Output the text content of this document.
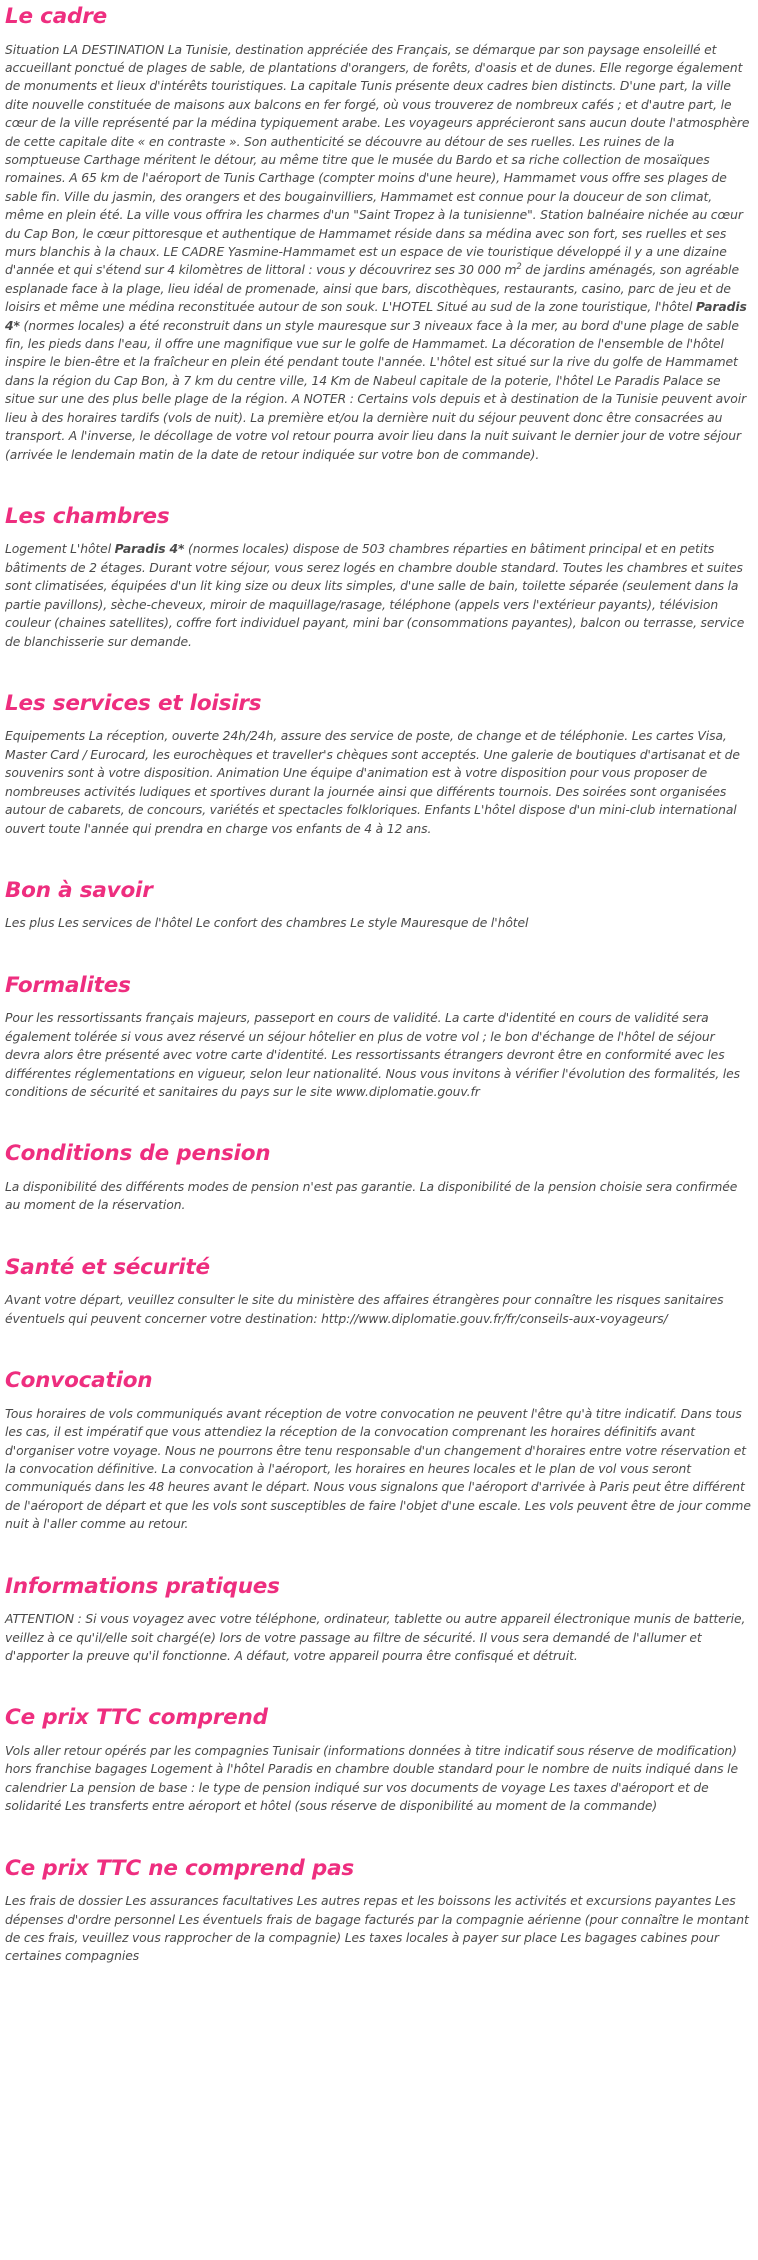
Le cadre

Situation LA DESTINATION La Tunisie, destination appréciée des Français, se démarque par son paysage ensoleillé et accueillant ponctué de plages de sable, de plantations d'orangers, de forêts, d'oasis et de dunes. Elle regorge également de monuments et lieux d'intérêts touristiques. La capitale Tunis présente deux cadres bien distincts. D'une part, la ville dite nouvelle constituée de maisons aux balcons en fer forgé, où vous trouverez de nombreux cafés ; et d'autre part, le cœur de la ville représenté par la médina typiquement arabe. Les voyageurs apprécieront sans aucun doute l'atmosphère de cette capitale dite « en contraste ». Son authenticité se découvre au détour de ses ruelles. Les ruines de la somptueuse Carthage méritent le détour, au même titre que le musée du Bardo et sa riche collection de mosaïques romaines. A 65 km de l'aéroport de Tunis Carthage (compter moins d'une heure), Hammamet vous offre ses plages de sable fin. Ville du jasmin, des orangers et des bougainvilliers, Hammamet est connue pour la douceur de son climat, même en plein été. La ville vous offrira les charmes d'un "Saint Tropez à la tunisienne". Station balnéaire nichée au cœur du Cap Bon, le cœur pittoresque et authentique de Hammamet réside dans sa médina avec son fort, ses ruelles et ses murs blanchis à la chaux. LE CADRE Yasmine-Hammamet est un espace de vie touristique développé il y a une dizaine d'année et qui s'étend sur 4 kilomètres de littoral : vous y découvrirez ses 30 000 $m^2$ de jardins aménagés, son agréable esplanade face à la plage, lieu idéal de promenade, ainsi que bars, discothèques, restaurants, casino, parc de jeu et de loisirs et même une médina reconstituée autour de son souk. L'HOTEL Situé au sud de la zone touristique, l'hôtel Paradis 4* (normes locales) a été reconstruit dans un style mauresque sur 3 niveaux face à la mer, au bord d'une plage de sable fin, les pieds dans l'eau, il offre une magnifique vue sur le golfe de Hammamet. La décoration de l'ensemble de l'hôtel inspire le bien-être et la fraîcheur en plein été pendant toute l'année. L'hôtel est situé sur la rive du golfe de Hammamet dans la région du Cap Bon, à 7 km du centre ville, 14 Km de Nabeul capitale de la poterie, l'hôtel Le Paradis Palace se situe sur une des plus belle plage de la région. A NOTER : Certains vols depuis et à destination de la Tunisie peuvent avoir lieu à des horaires tardifs (vols de nuit). La première et/ou la dernière nuit du séjour peuvent donc être consacrées au transport. A l'inverse, le décollage de votre vol retour pourra avoir lieu dans la nuit suivant le dernier jour de votre séjour (arrivée le lendemain matin de la date de retour indiquée sur votre bon de commande).

Les chambres

Logement L'hôtel Paradis 4* (normes locales) dispose de 503 chambres réparties en bâtiment principal et en petits bâtiments de 2 étages. Durant votre séjour, vous serez logés en chambre double standard. Toutes les chambres et suites sont climatisées, équipées d'un lit king size ou deux lits simples, d'une salle de bain, toilette séparée (seulement dans la partie pavillons), sèche-cheveux, miroir de maquillage/rasage, téléphone (appels vers l'extérieur payants), télévision couleur (chaines satellites), coffre fort individuel payant, mini bar (consommations payantes), balcon ou terrasse, service de blanchisserie sur demande.

Les services et loisirs

Equipements La réception, ouverte 24h/24h, assure des service de poste, de change et de téléphonie. Les cartes Visa, Master Card / Eurocard, les eurochèques et traveller's chèques sont acceptés. Une galerie de boutiques d'artisanat et de souvenirs sont à votre disposition. Animation Une équipe d'animation est à votre disposition pour vous proposer de nombreuses activités ludiques et sportives durant la journée ainsi que différents tournois. Des soirées sont organisées autour de cabarets, de concours, variétés et spectacles folkloriques. Enfants L'hôtel dispose d'un mini-club international ouvert toute l'année qui prendra en charge vos enfants de 4 à 12 ans.

Bon à savoir

Les plus Les services de l'hôtel Le confort des chambres Le style Mauresque de l'hôtel

Formalites

Pour les ressortissants français majeurs, passeport en cours de validité. La carte d'identité en cours de validité sera également tolérée si vous avez réservé un séjour hôtelier en plus de votre vol ; le bon d'échange de l'hôtel de séjour devra alors être présenté avec votre carte d'identité. Les ressortissants étrangers devront être en conformité avec les différentes réglementations en vigueur, selon leur nationalité. Nous vous invitons à vérifier l'évolution des formalités, les conditions de sécurité et sanitaires du pays sur le site www.diplomatie.gouv.fr

Conditions de pension

La disponibilité des différents modes de pension n'est pas garantie. La disponibilité de la pension choisie sera confirmée au moment de la réservation.

Santé et sécurité

Avant votre départ, veuillez consulter le site du ministère des affaires étrangères pour connaître les risques sanitaires éventuels qui peuvent concerner votre destination: http://www.diplomatie.gouv.fr/fr/conseils-aux-voyageurs/

Convocation

Tous horaires de vols communiqués avant réception de votre convocation ne peuvent l'être qu'à titre indicatif. Dans tous les cas, il est impératif que vous attendiez la réception de la convocation comprenant les horaires définitifs avant d'organiser votre voyage. Nous ne pourrons être tenu responsable d'un changement d'horaires entre votre réservation et la convocation définitive. La convocation à l'aéroport, les horaires en heures locales et le plan de vol vous seront communiqués dans les 48 heures avant le départ. Nous vous signalons que l'aéroport d'arrivée à Paris peut être différent de l'aéroport de départ et que les vols sont susceptibles de faire l'objet d'une escale. Les vols peuvent être de jour comme nuit à l'aller comme au retour.

Informations pratiques

ATTENTION : Si vous voyagez avec votre téléphone, ordinateur, tablette ou autre appareil électronique munis de batterie, veillez à ce qu'il/elle soit chargé(e) lors de votre passage au filtre de sécurité. Il vous sera demandé de l'allumer et d'apporter la preuve qu'il fonctionne. A défaut, votre appareil pourra être confisqué et détruit.

Ce prix TTC comprend

Vols aller retour opérés par les compagnies Tunisair (informations données à titre indicatif sous réserve de modification) hors franchise bagages Logement à l'hôtel Paradis en chambre double standard pour le nombre de nuits indiqué dans le calendrier La pension de base : le type de pension indiqué sur vos documents de voyage Les taxes d'aéroport et de solidarité Les transferts entre aéroport et hôtel (sous réserve de disponibilité au moment de la commande)

Ce prix TTC ne comprend pas

Les frais de dossier Les assurances facultatives Les autres repas et les boissons les activités et excursions payantes Les dépenses d'ordre personnel Les éventuels frais de bagage facturés par la compagnie aérienne (pour connaître le montant de ces frais, veuillez vous rapprocher de la compagnie) Les taxes locales à payer sur place Les bagages cabines pour certaines compagnies
